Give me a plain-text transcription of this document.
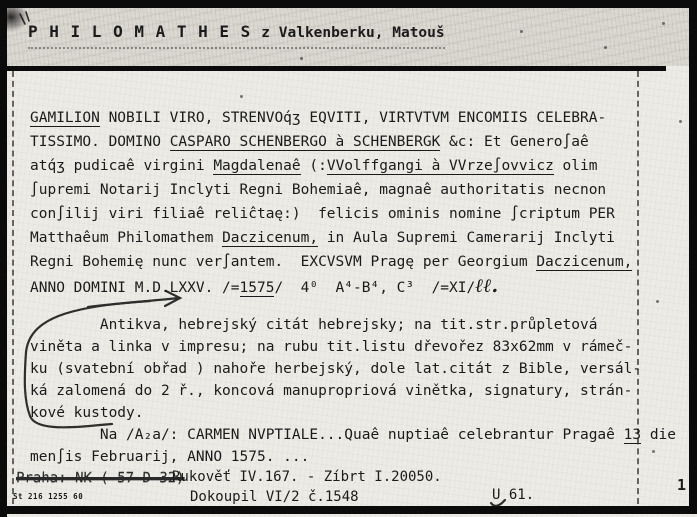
P H I L O M A T H E S z Valkenberku, Matouš
GAMILION NOBILI VIRO, STRENVOq́ʒ EQVITI, VIRTVTVM ENCOMIIS CELEBRA-
TISSIMO. DOMINO CASPARO SCHENBERGO à SCHENBERGK &c: Et Genero∫aê
atq́ʒ pudicaê virgini Magdalenaê (:VVolffgangi à VVrze∫ovvicz olim
∫upremi Notarij Inclyti Regni Bohemiaê, magnaê authoritatis necnon
con∫ilij viri filiaê reliĉtaę:)  felicis ominis nomine ∫criptum PER
Matthaêum Philomathem Daczicenum, in Aula Supremi Camerarij Inclyti
Regni Bohemię nunc ver∫antem.  EXCVSVM Pragę per Georgium Daczicenum,
ANNO DOMINI M.D.LXXV. /=1575/  4⁰  A⁴-B⁴, C³  /=XI/ℓℓ.
Antikva, hebrejský citát hebrejsky; na tit.str.průpletová
viněta a linka v impresu; na rubu tit.listu dřevořez 83x62mm v rámeč-
ku (svatební obřad ) nahoře herbejský, dole lat.citát z Bible, versál-
ká zalomená do 2 ř., koncová manupropriová vinětka, signatury, strán-
kové kustody.
Na /A₂a/: CARMEN NVPTIALE...Quaê nuptiaê celebrantur Pragaê 13 die
men∫is Februarij, ANNO 1575. ...
Praha: NK ( 57 D 32)
St 216 1255 60
Rukověť IV.167. - Zíbrt I.20050.
Dokoupil VI/2 č.1548	U 61.
1
